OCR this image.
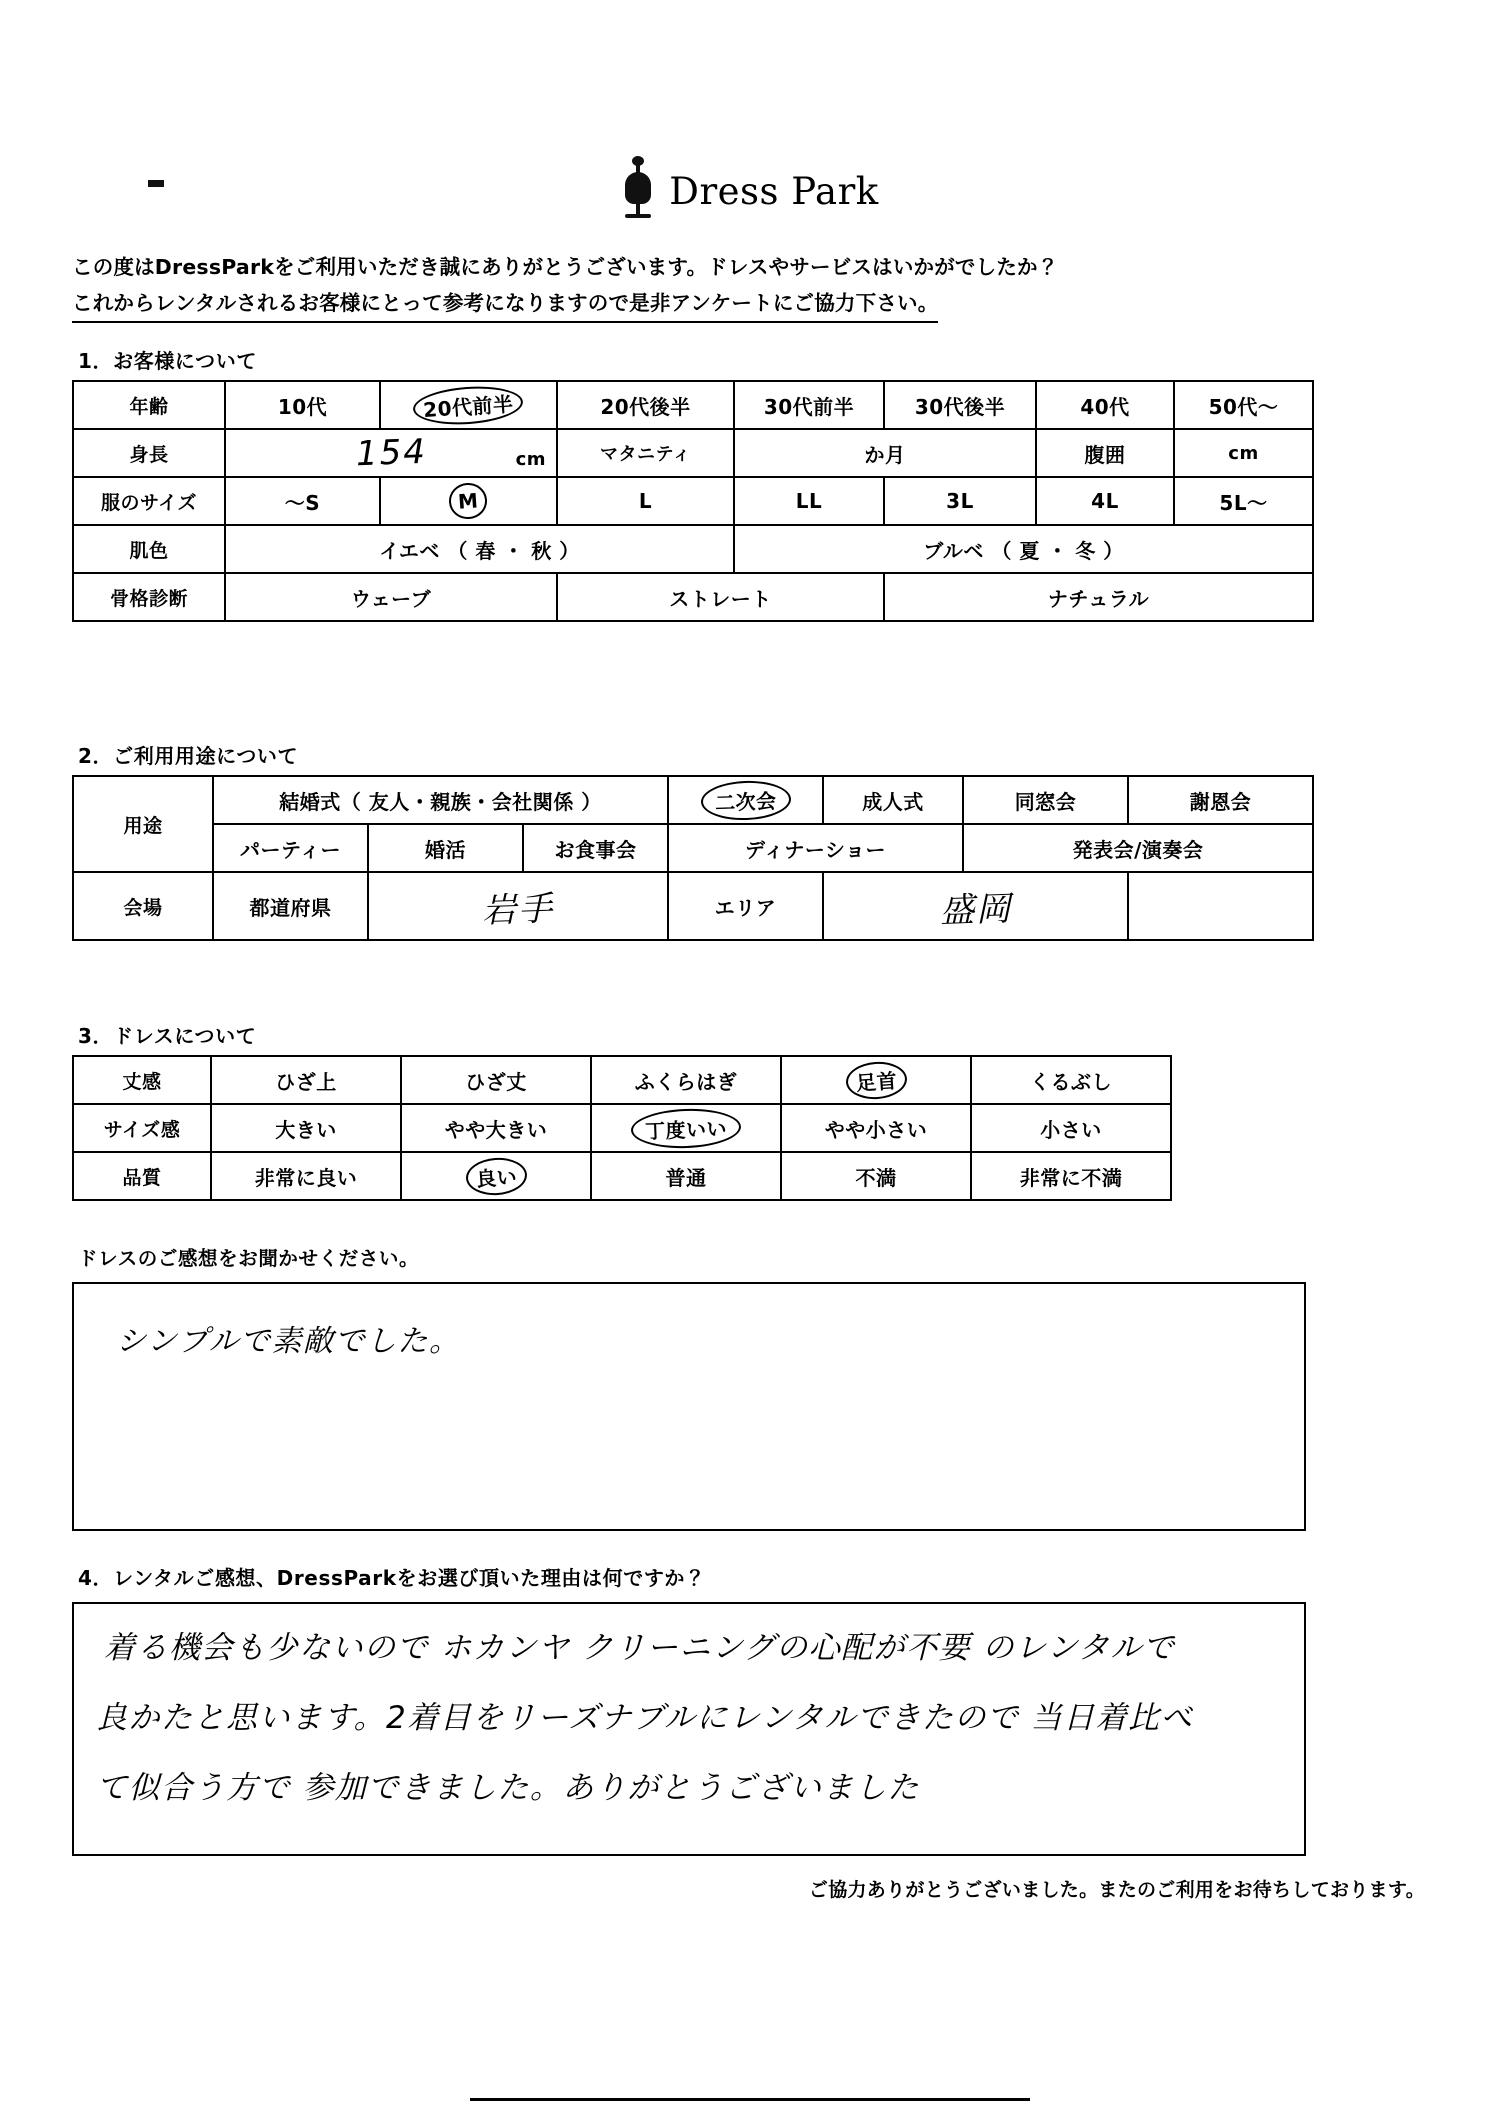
Dress Park
この度はDressParkをご利用いただき誠にありがとうございます。ドレスやサービスはいかがでしたか？
これからレンタルされるお客様にとって参考になりますので是非アンケートにご協力下さい。
1．お客様について
年齢	10代	20代前半	20代後半	30代前半	30代後半	40代	50代～
身長	154 cm		マタニティ	か月		腹囲	cm
服のサイズ	～S	M	L	LL	3L	4L	5L～
肌色	イエベ （ 春 ・ 秋 ）			ブルベ （ 夏 ・ 冬 ）			
骨格診断	ウェーブ		ストレート		ナチュラル		
2．ご利用用途について
用途	結婚式（ 友人・親族・会社関係 ）			二次会	成人式	同窓会	謝恩会
	パーティー	婚活	お食事会	ディナーショー		発表会/演奏会	
会場	都道府県	岩手		エリア	盛岡		
3．ドレスについて
丈感	ひざ上	ひざ丈	ふくらはぎ	足首	くるぶし
サイズ感	大きい	やや大きい	丁度いい	やや小さい	小さい
品質	非常に良い	良い	普通	不満	非常に不満
ドレスのご感想をお聞かせください。
シンプルで素敵でした。
4．レンタルご感想、DressParkをお選び頂いた理由は何ですか？
着る機会も少ないので ホカンヤ クリーニングの心配が不要 のレンタルで
良かたと思います。2着目をリーズナブルにレンタルできたので 当日着比べ
て似合う方で 参加できました。ありがとうございました
ご協力ありがとうございました。またのご利用をお待ちしております。
